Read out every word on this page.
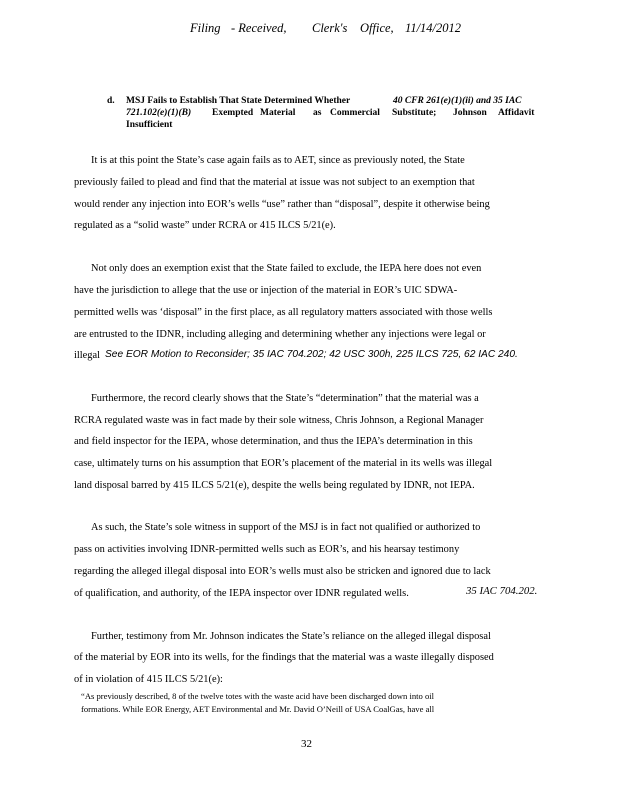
Filing - Received, Clerk's Office, 11/14/2012
d. MSJ Fails to Establish That State Determined Whether	40 CFR 261(e)(1)(ii) and 35 IAC
721.102(e)(1)(B) Exempted Material as Commercial Substitute; Johnson Affidavit
Insufficient
It is at this point the State’s case again fails as to AET, since as previously noted, the State
previously failed to plead and find that the material at issue was not subject to an exemption that
would render any injection into EOR’s wells “use” rather than “disposal”, despite it otherwise being
regulated as a “solid waste” under RCRA or 415 ILCS 5/21(e).
Not only does an exemption exist that the State failed to exclude, the IEPA here does not even
have the jurisdiction to allege that the use or injection of the material in EOR’s UIC SDWA-
permitted wells was ‘disposal” in the first place, as all regulatory matters associated with those wells
are entrusted to the IDNR, including alleging and determining whether any injections were legal or
illegal See EOR Motion to Reconsider; 35 IAC 704.202; 42 USC 300h, 225 ILCS 725, 62 IAC 240.
Furthermore, the record clearly shows that the State’s “determination” that the material was a
RCRA regulated waste was in fact made by their sole witness, Chris Johnson, a Regional Manager
and field inspector for the IEPA, whose determination, and thus the IEPA’s determination in this
case, ultimately turns on his assumption that EOR’s placement of the material in its wells was illegal
land disposal barred by 415 ILCS 5/21(e), despite the wells being regulated by IDNR, not IEPA.
As such, the State’s sole witness in support of the MSJ is in fact not qualified or authorized to
pass on activities involving IDNR-permitted wells such as EOR’s, and his hearsay testimony
regarding the alleged illegal disposal into EOR’s wells must also be stricken and ignored due to lack
of qualification, and authority, of the IEPA inspector over IDNR regulated wells.	35 IAC 704.202.
Further, testimony from Mr. Johnson indicates the State’s reliance on the alleged illegal disposal
of the material by EOR into its wells, for the findings that the material was a waste illegally disposed
of in violation of 415 ILCS 5/21(e):
“As previously described, 8 of the twelve totes with the waste acid have been discharged down into oil
formations. While EOR Energy, AET Environmental and Mr. David O’Neill of USA CoalGas, have all
32
